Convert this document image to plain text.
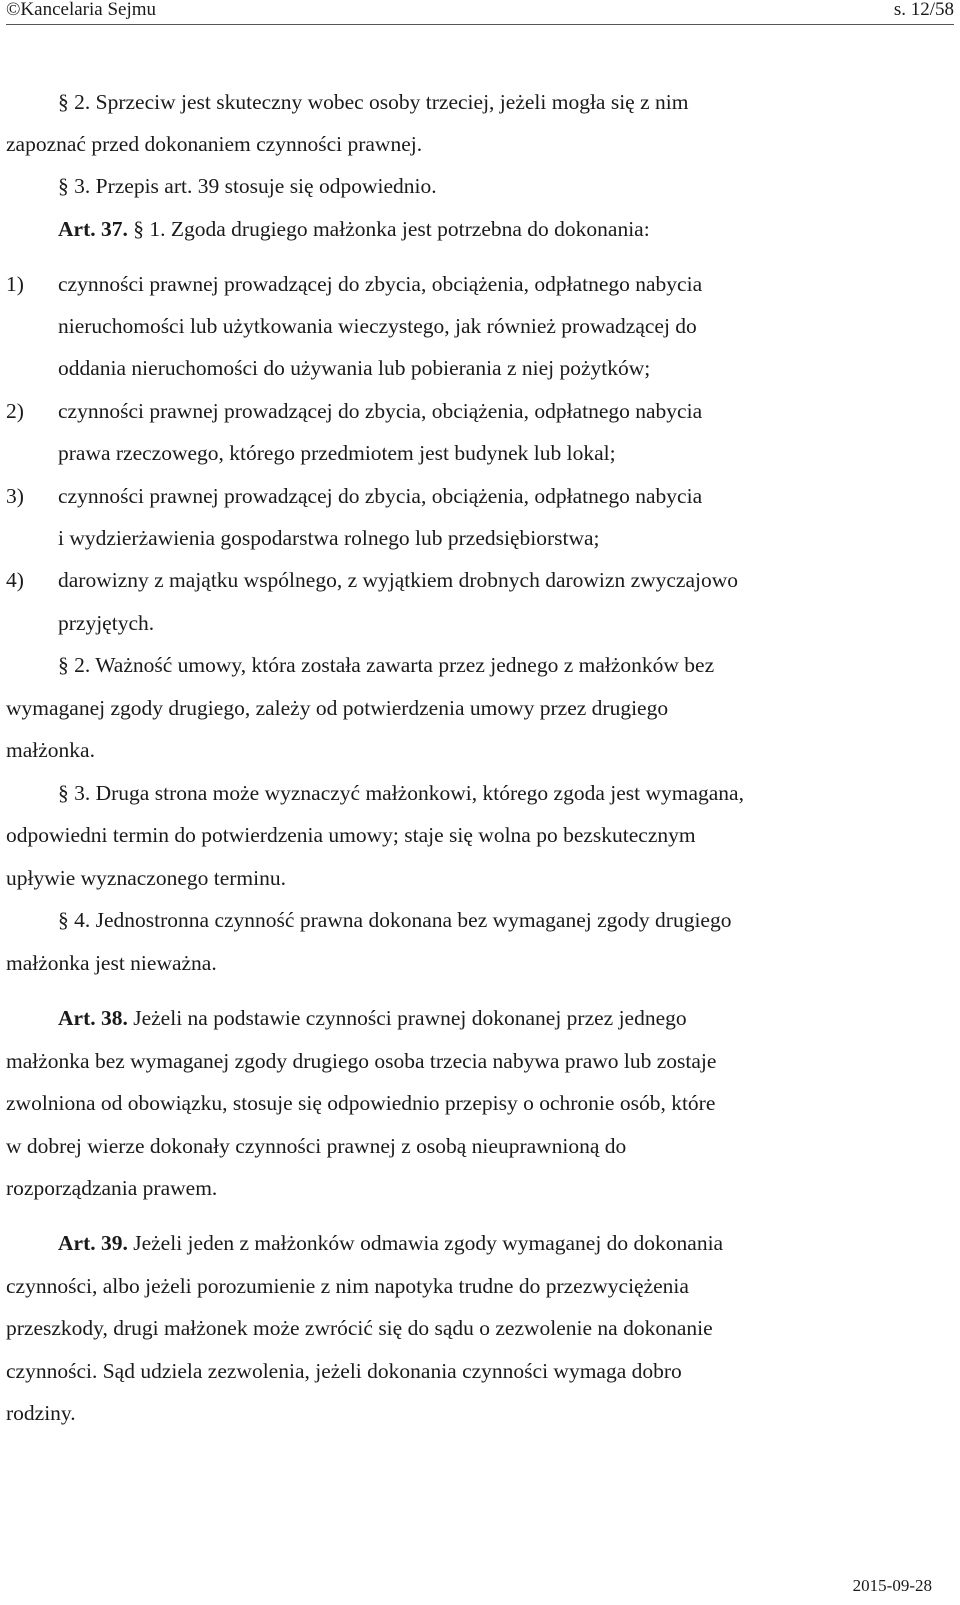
©Kancelaria Sejmu	s. 12/58
§ 2. Sprzeciw jest skuteczny wobec osoby trzeciej, jeżeli mogła się z nim
zapoznać przed dokonaniem czynności prawnej.
§ 3. Przepis art. 39 stosuje się odpowiednio.
Art. 37. § 1. Zgoda drugiego małżonka jest potrzebna do dokonania:
1) czynności prawnej prowadzącej do zbycia, obciążenia, odpłatnego nabycia
nieruchomości lub użytkowania wieczystego, jak również prowadzącej do
oddania nieruchomości do używania lub pobierania z niej pożytków;
2) czynności prawnej prowadzącej do zbycia, obciążenia, odpłatnego nabycia
prawa rzeczowego, którego przedmiotem jest budynek lub lokal;
3) czynności prawnej prowadzącej do zbycia, obciążenia, odpłatnego nabycia
i wydzierżawienia gospodarstwa rolnego lub przedsiębiorstwa;
4) darowizny z majątku wspólnego, z wyjątkiem drobnych darowizn zwyczajowo
przyjętych.
§ 2. Ważność umowy, która została zawarta przez jednego z małżonków bez
wymaganej zgody drugiego, zależy od potwierdzenia umowy przez drugiego
małżonka.
§ 3. Druga strona może wyznaczyć małżonkowi, którego zgoda jest wymagana,
odpowiedni termin do potwierdzenia umowy; staje się wolna po bezskutecznym
upływie wyznaczonego terminu.
§ 4. Jednostronna czynność prawna dokonana bez wymaganej zgody drugiego
małżonka jest nieważna.
Art. 38. Jeżeli na podstawie czynności prawnej dokonanej przez jednego
małżonka bez wymaganej zgody drugiego osoba trzecia nabywa prawo lub zostaje
zwolniona od obowiązku, stosuje się odpowiednio przepisy o ochronie osób, które
w dobrej wierze dokonały czynności prawnej z osobą nieuprawnioną do
rozporządzania prawem.
Art. 39. Jeżeli jeden z małżonków odmawia zgody wymaganej do dokonania
czynności, albo jeżeli porozumienie z nim napotyka trudne do przezwyciężenia
przeszkody, drugi małżonek może zwrócić się do sądu o zezwolenie na dokonanie
czynności. Sąd udziela zezwolenia, jeżeli dokonania czynności wymaga dobro
rodziny.
2015-09-28
